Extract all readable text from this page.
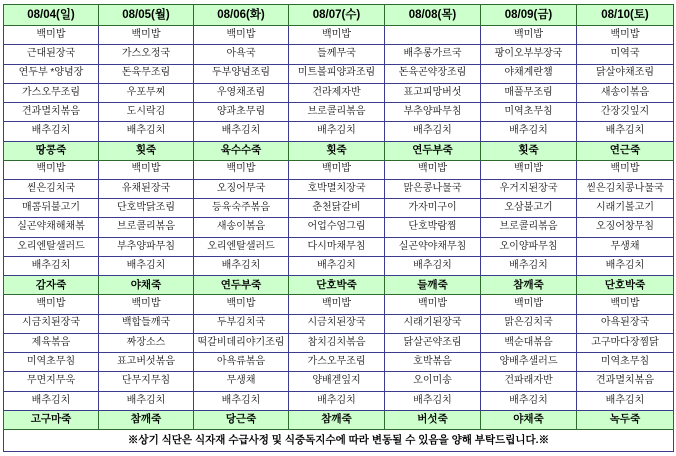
08/04(일)	08/05(월)	08/06(화)	08/07(수)	08/08(목)	08/09(금)	08/10(토)
백미밥	백미밥	백미밥	백미밥		백미밥	백미밥
근대된장국	가스오정국	아욕국	들께무국	배추롱가르국	팡이오부부장국	미역국
연두부 *양념장	돈육무조림	두부양념조림	미트볼피양과조림	돈육곤약장조림	야채계란챔	닭살야채조림
가스오무조림	우포무찌	우영채조림	건라제자반	표고피망버섯	매풀무조림	새송이볶음
견과멸치볶음	도시락김	양과초무림	브로콜리볶음	부추양파무침	미역초무침	간장깃잎지
배추김치	배추김치	배추김치	배추김치	배추김치	배추김치	배추김치
땅콩죽	횟죽	육수수죽	횟죽	연두부죽	횟죽	연근죽
백미밥	백미밥	백미밥	백미밥	백미밥	백미밥	백미밥
씯은김치국	유채된장국	오징어무국	호박멸치장국	맑은콩나물국	우거지된장국	씯은김치콩나물국
매콤뒤불고기	단호박닭조림	등육숙주볶음	춘천닭갈비	가자미구이	오삼불고기	시래기볼고기
실곤약채해채볶	브로콜리볶음	새송이볶음	어업수엄그림	단호박람찜	브로콜리볶음	오징어창무침
오리엔탈샐러드	부추양파무침	오리엔탈샐러드	다시마채무침	실곤약야채무침	오이양파무침	무생채
배추김치	배추김치	배추김치	배추김치	배추김치	배추김치	배추김치
감자죽	야채죽	연두부죽	단호박죽	들깨죽	참깨죽	단호박죽
백미밥	백미밥	백미밥	백미밥	백미밥	백미밥	백미밥
시금치된장국	백합들깨국	두부김치국	시금치된장국	시래기된장국	맑은김치국	아욕된장국
제육볶음	짜장소스	떡갈비데리야기조림	참치김치볶음	닭살곤약조림	백순대볶음	고구마다장찜닭
미역초무침	표고버섯볶음	아욕류볶음	가스오무조림	호박볶음	양배추샐러드	미역초무침
무면지무욱	단무지무침	무생채	양배겓잎지	오이미송	건파래자반	견과멸치볶음
배추김치	배추김치	배추김치	배추김치	배추김치	배추김치	배추김치
고구마죽	참깨죽	당근죽	참깨죽	버섯죽	야채죽	녹두죽
※상기 식단은 식자재 수급사정 및 식중독지수에 따라 변동될 수 있음을 양해 부탁드립니다.※						
